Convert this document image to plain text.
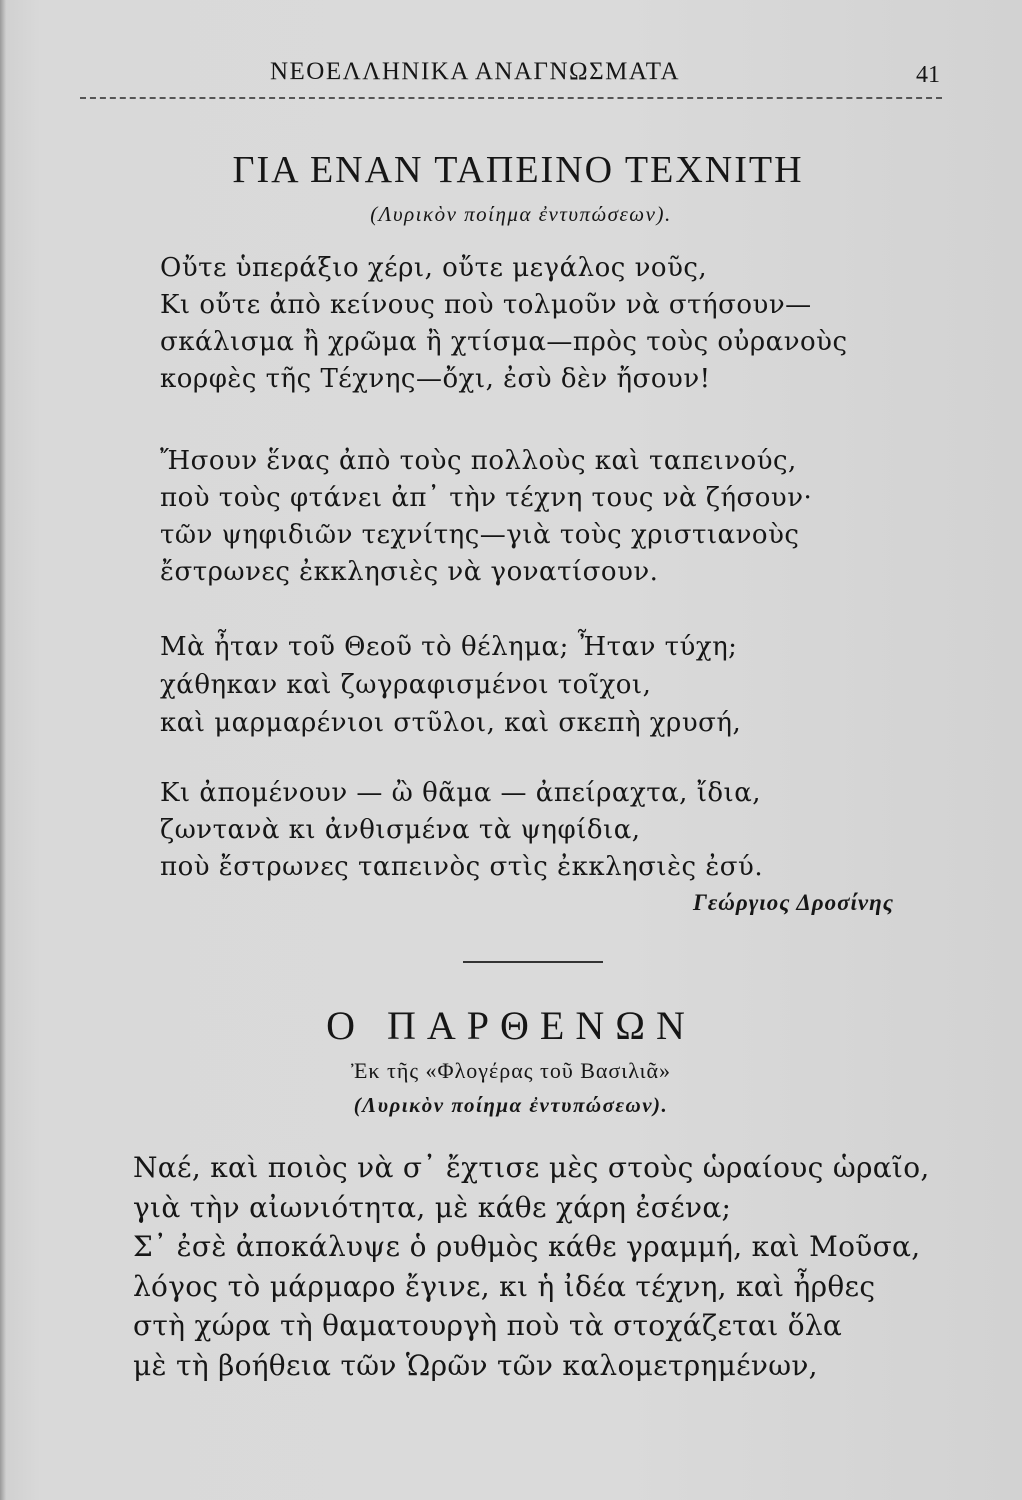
ΝΕΟΕΛΛΗΝΙΚΑ ΑΝΑΓΝΩΣΜΑΤΑ	41
ΓΙΑ ΕΝΑΝ ΤΑΠΕΙΝΟ ΤΕΧΝΙΤΗ
(Λυρικὸν ποίημα ἐντυπώσεων).
Οὔτε ὑπεράξιο χέρι, οὔτε μεγάλος νοῦς,
Κι οὔτε ἀπὸ κείνους ποὺ τολμοῦν νὰ στήσουν—
σκάλισμα ἢ χρῶμα ἢ χτίσμα—πρὸς τοὺς οὐρανοὺς
κορφὲς τῆς Τέχνης—ὄχι, ἐσὺ δὲν ἤσουν!
Ἤσουν ἕνας ἀπὸ τοὺς πολλοὺς καὶ ταπεινούς,
ποὺ τοὺς φτάνει ἀπ᾽ τὴν τέχνη τους νὰ ζήσουν·
τῶν ψηφιδιῶν τεχνίτης—γιὰ τοὺς χριστιανοὺς
ἔστρωνες ἐκκλησιὲς νὰ γονατίσουν.
Μὰ ἦταν τοῦ Θεοῦ τὸ θέλημα; Ἦταν τύχη;
χάθηκαν καὶ ζωγραφισμένοι τοῖχοι,
καὶ μαρμαρένιοι στῦλοι, καὶ σκεπὴ χρυσή,
Κι ἀπομένουν — ὢ θᾶμα — ἀπείραχτα, ἴδια,
ζωντανὰ κι ἀνθισμένα τὰ ψηφίδια,
ποὺ ἔστρωνες ταπεινὸς στὶς ἐκκλησιὲς ἐσύ.
Γεώργιος Δροσίνης
Ο ΠΑΡΘΕΝΩΝ
Ἐκ τῆς «Φλογέρας τοῦ Βασιλιᾶ»
(Λυρικὸν ποίημα ἐντυπώσεων).
Ναέ, καὶ ποιὸς νὰ σ᾽ ἔχτισε μὲς στοὺς ὡραίους ὡραῖο,
γιὰ τὴν αἰωνιότητα, μὲ κάθε χάρη ἐσένα;
Σ᾽ ἐσὲ ἀποκάλυψε ὁ ρυθμὸς κάθε γραμμή, καὶ Μοῦσα,
λόγος τὸ μάρμαρο ἔγινε, κι ἡ ἰδέα τέχνη, καὶ ἦρθες
στὴ χώρα τὴ θαματουργὴ ποὺ τὰ στοχάζεται ὅλα
μὲ τὴ βοήθεια τῶν Ὡρῶν τῶν καλομετρημένων,
